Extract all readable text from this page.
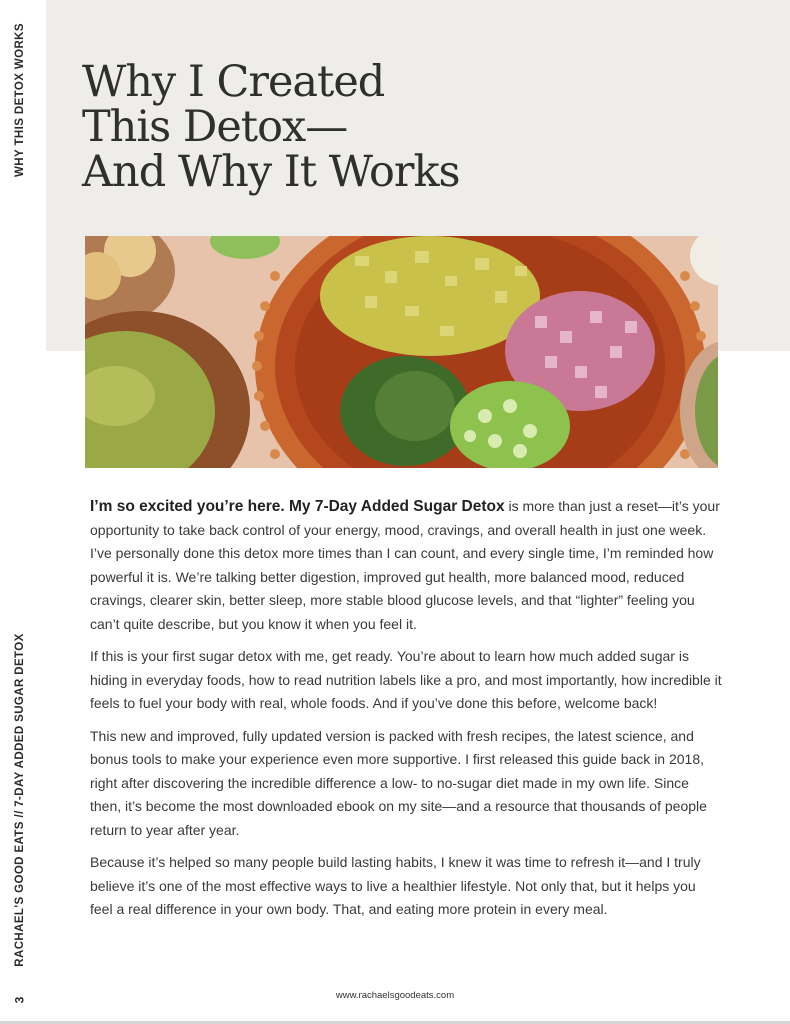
WHY THIS DETOX WORKS
RACHAEL'S GOOD EATS // 7-DAY ADDED SUGAR DETOX
3
Why I Created
This Detox—
And Why It Works

I’m so excited you’re here. My 7-Day Added Sugar Detox is more than just a reset—it’s your opportunity to take back control of your energy, mood, cravings, and overall health in just one week. I’ve personally done this detox more times than I can count, and every single time, I’m reminded how powerful it is. We’re talking better digestion, improved gut health, more balanced mood, reduced cravings, clearer skin, better sleep, more stable blood glucose levels, and that “lighter” feeling you can’t quite describe, but you know it when you feel it.

If this is your first sugar detox with me, get ready. You’re about to learn how much added sugar is hiding in everyday foods, how to read nutrition labels like a pro, and most importantly, how incredible it feels to fuel your body with real, whole foods. And if you’ve done this before, welcome back!

This new and improved, fully updated version is packed with fresh recipes, the latest science, and bonus tools to make your experience even more supportive. I first released this guide back in 2018, right after discovering the incredible difference a low- to no-sugar diet made in my own life. Since then, it’s become the most downloaded ebook on my site—and a resource that thousands of people return to year after year.

Because it’s helped so many people build lasting habits, I knew it was time to refresh it—and I truly believe it’s one of the most effective ways to live a healthier lifestyle. Not only that, but it helps you feel a real difference in your own body. That, and eating more protein in every meal.

www.rachaelsgoodeats.com
